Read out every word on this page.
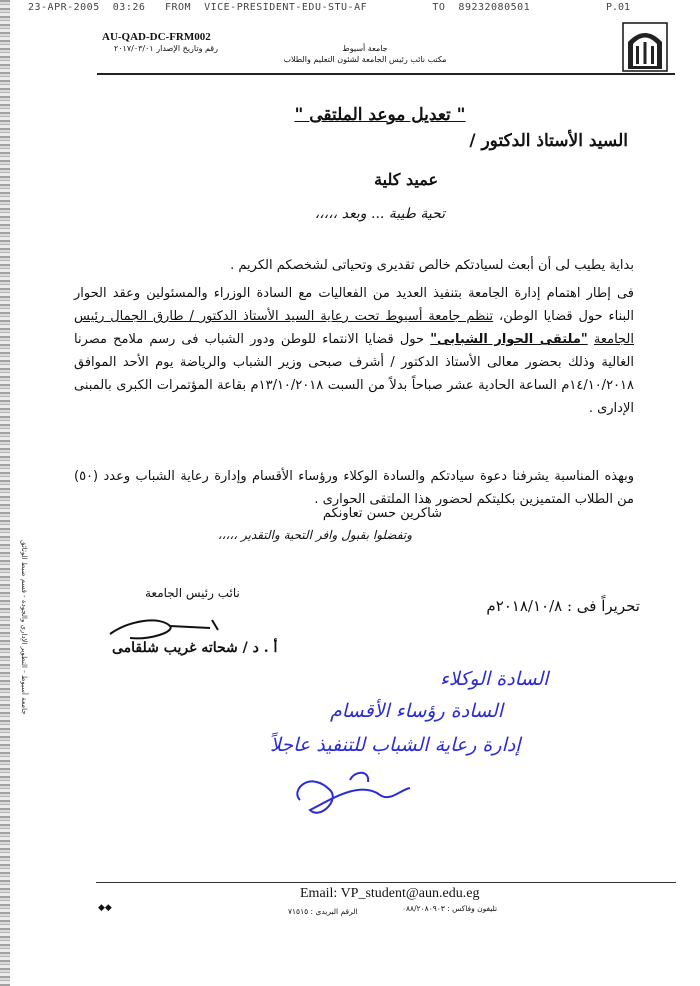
23-APR-2005 03:26 FROM VICE-PRESIDENT-EDU-STU-AF	TO 89232080501	P.01
AU-QAD-DC-FRM002
رقم وتاريخ الإصدار ٢٠١٧/٠٣/٠١	جامعة أسيوط
مكتب نائب رئيس الجامعة لشئون التعليم والطلاب
" تعديل موعد الملتقى "
السيد الأستاذ الدكتور /
عميد كلية
تحية طيبة ... وبعد ،،،،،
بداية يطيب لى أن أبعث لسيادتكم خالص تقديرى وتحياتى لشخصكم الكريم .
فى إطار اهتمام إدارة الجامعة بتنفيذ العديد من الفعاليات مع السادة الوزراء والمسئولين وعقد الحوار البناء حول قضايا الوطن، تنظم جامعة أسيوط تحت رعاية السيد الأستاذ الدكتور / طارق الجمال رئيس الجامعة "ملتقى الحوار الشبابى" حول قضايا الانتماء للوطن ودور الشباب فى رسم ملامح مصرنا الغالية وذلك بحضور معالى الأستاذ الدكتور / أشرف صبحى وزير الشباب والرياضة يوم الأحد الموافق ١٤/١٠/٢٠١٨م الساعة الحادية عشر صباحاً بدلاً من السبت ١٣/١٠/٢٠١٨م بقاعة المؤتمرات الكبرى بالمبنى الإدارى .
وبهذه المناسبة يشرفنا دعوة سيادتكم والسادة الوكلاء ورؤساء الأقسام وإدارة رعاية الشباب وعدد (٥٠) من الطلاب المتميزين بكليتكم لحضور هذا الملتقى الحوارى .
شاكرين حسن تعاونكم
وتفضلوا بقبول وافر التحية والتقدير ،،،،،
جامعة أسيوط - التطوير الإداري والجودة - قسم ضبط الوثائق	نائب رئيس الجامعة
أ . د / شحاته غريب شلقامى
تحريراً فى : ٢٠١٨/١٠/٨م
السادة الوكلاء
السادة رؤساء الأقسام
إدارة رعاية الشباب للتنفيذ عاجلاً
Email: VP_student@aun.edu.eg
تليفون وفاكس : ٠٨٨/٢٠٨٠٩٠٣
الرقم البريدى : ٧١٥١٥
◆◆
